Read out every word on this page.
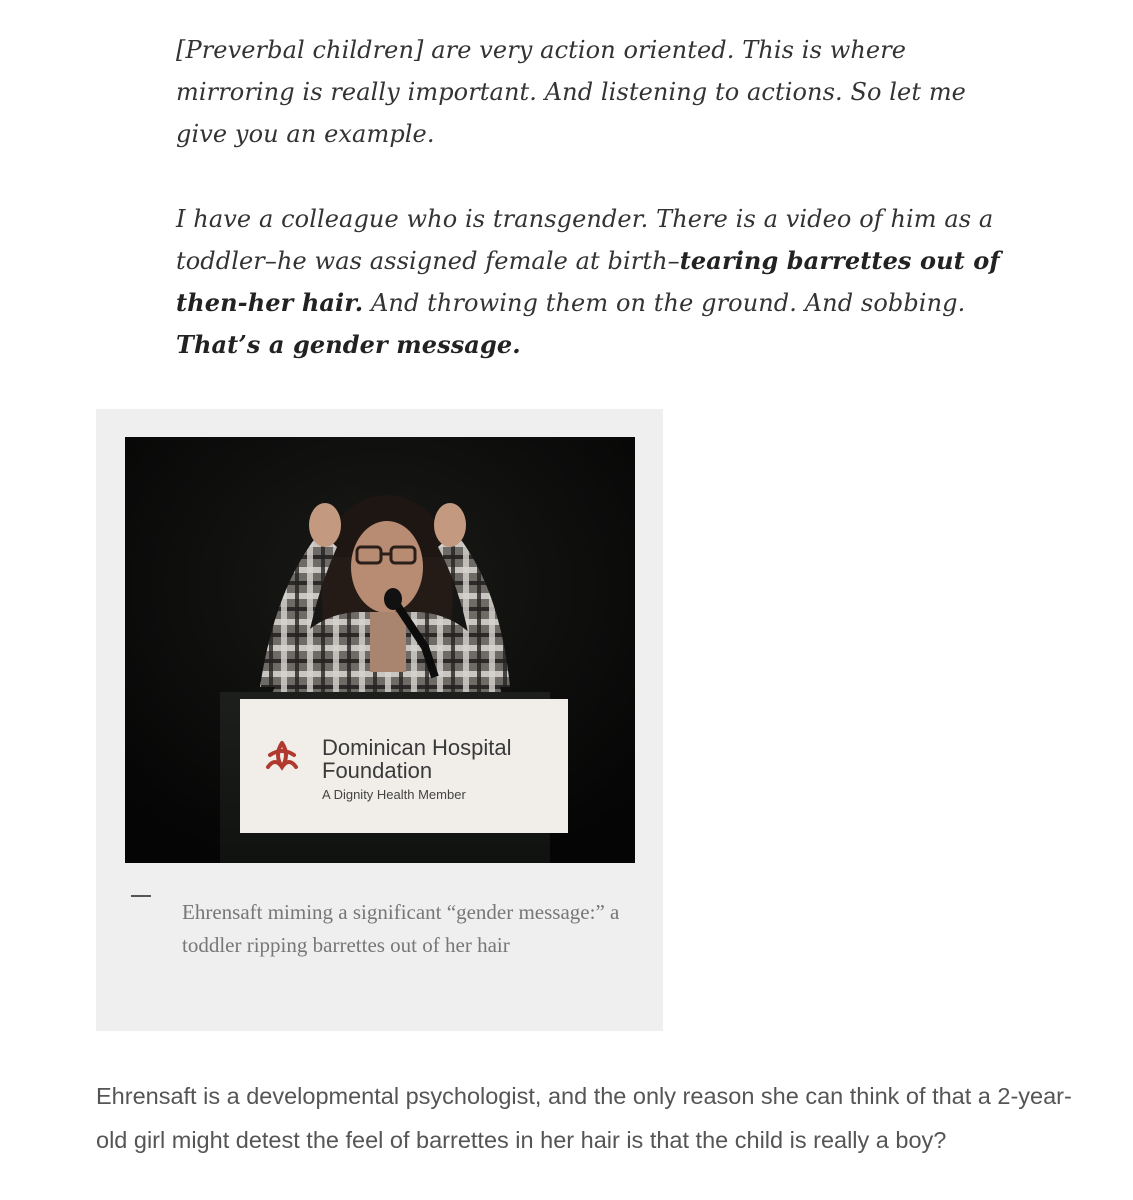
[Preverbal children] are very action oriented. This is where mirroring is really important. And listening to actions. So let me give you an example.
I have a colleague who is transgender. There is a video of him as a toddler–he was assigned female at birth–tearing barrettes out of then-her hair. And throwing them on the ground. And sobbing.
That’s a gender message.
Dominican Hospital
Foundation
A Dignity Health Member
Ehrensaft miming a significant “gender message:” a toddler ripping barrettes out of her hair
Ehrensaft is a developmental psychologist, and the only reason she can think of that a 2-year-old girl might detest the feel of barrettes in her hair is that the child is really a boy?
